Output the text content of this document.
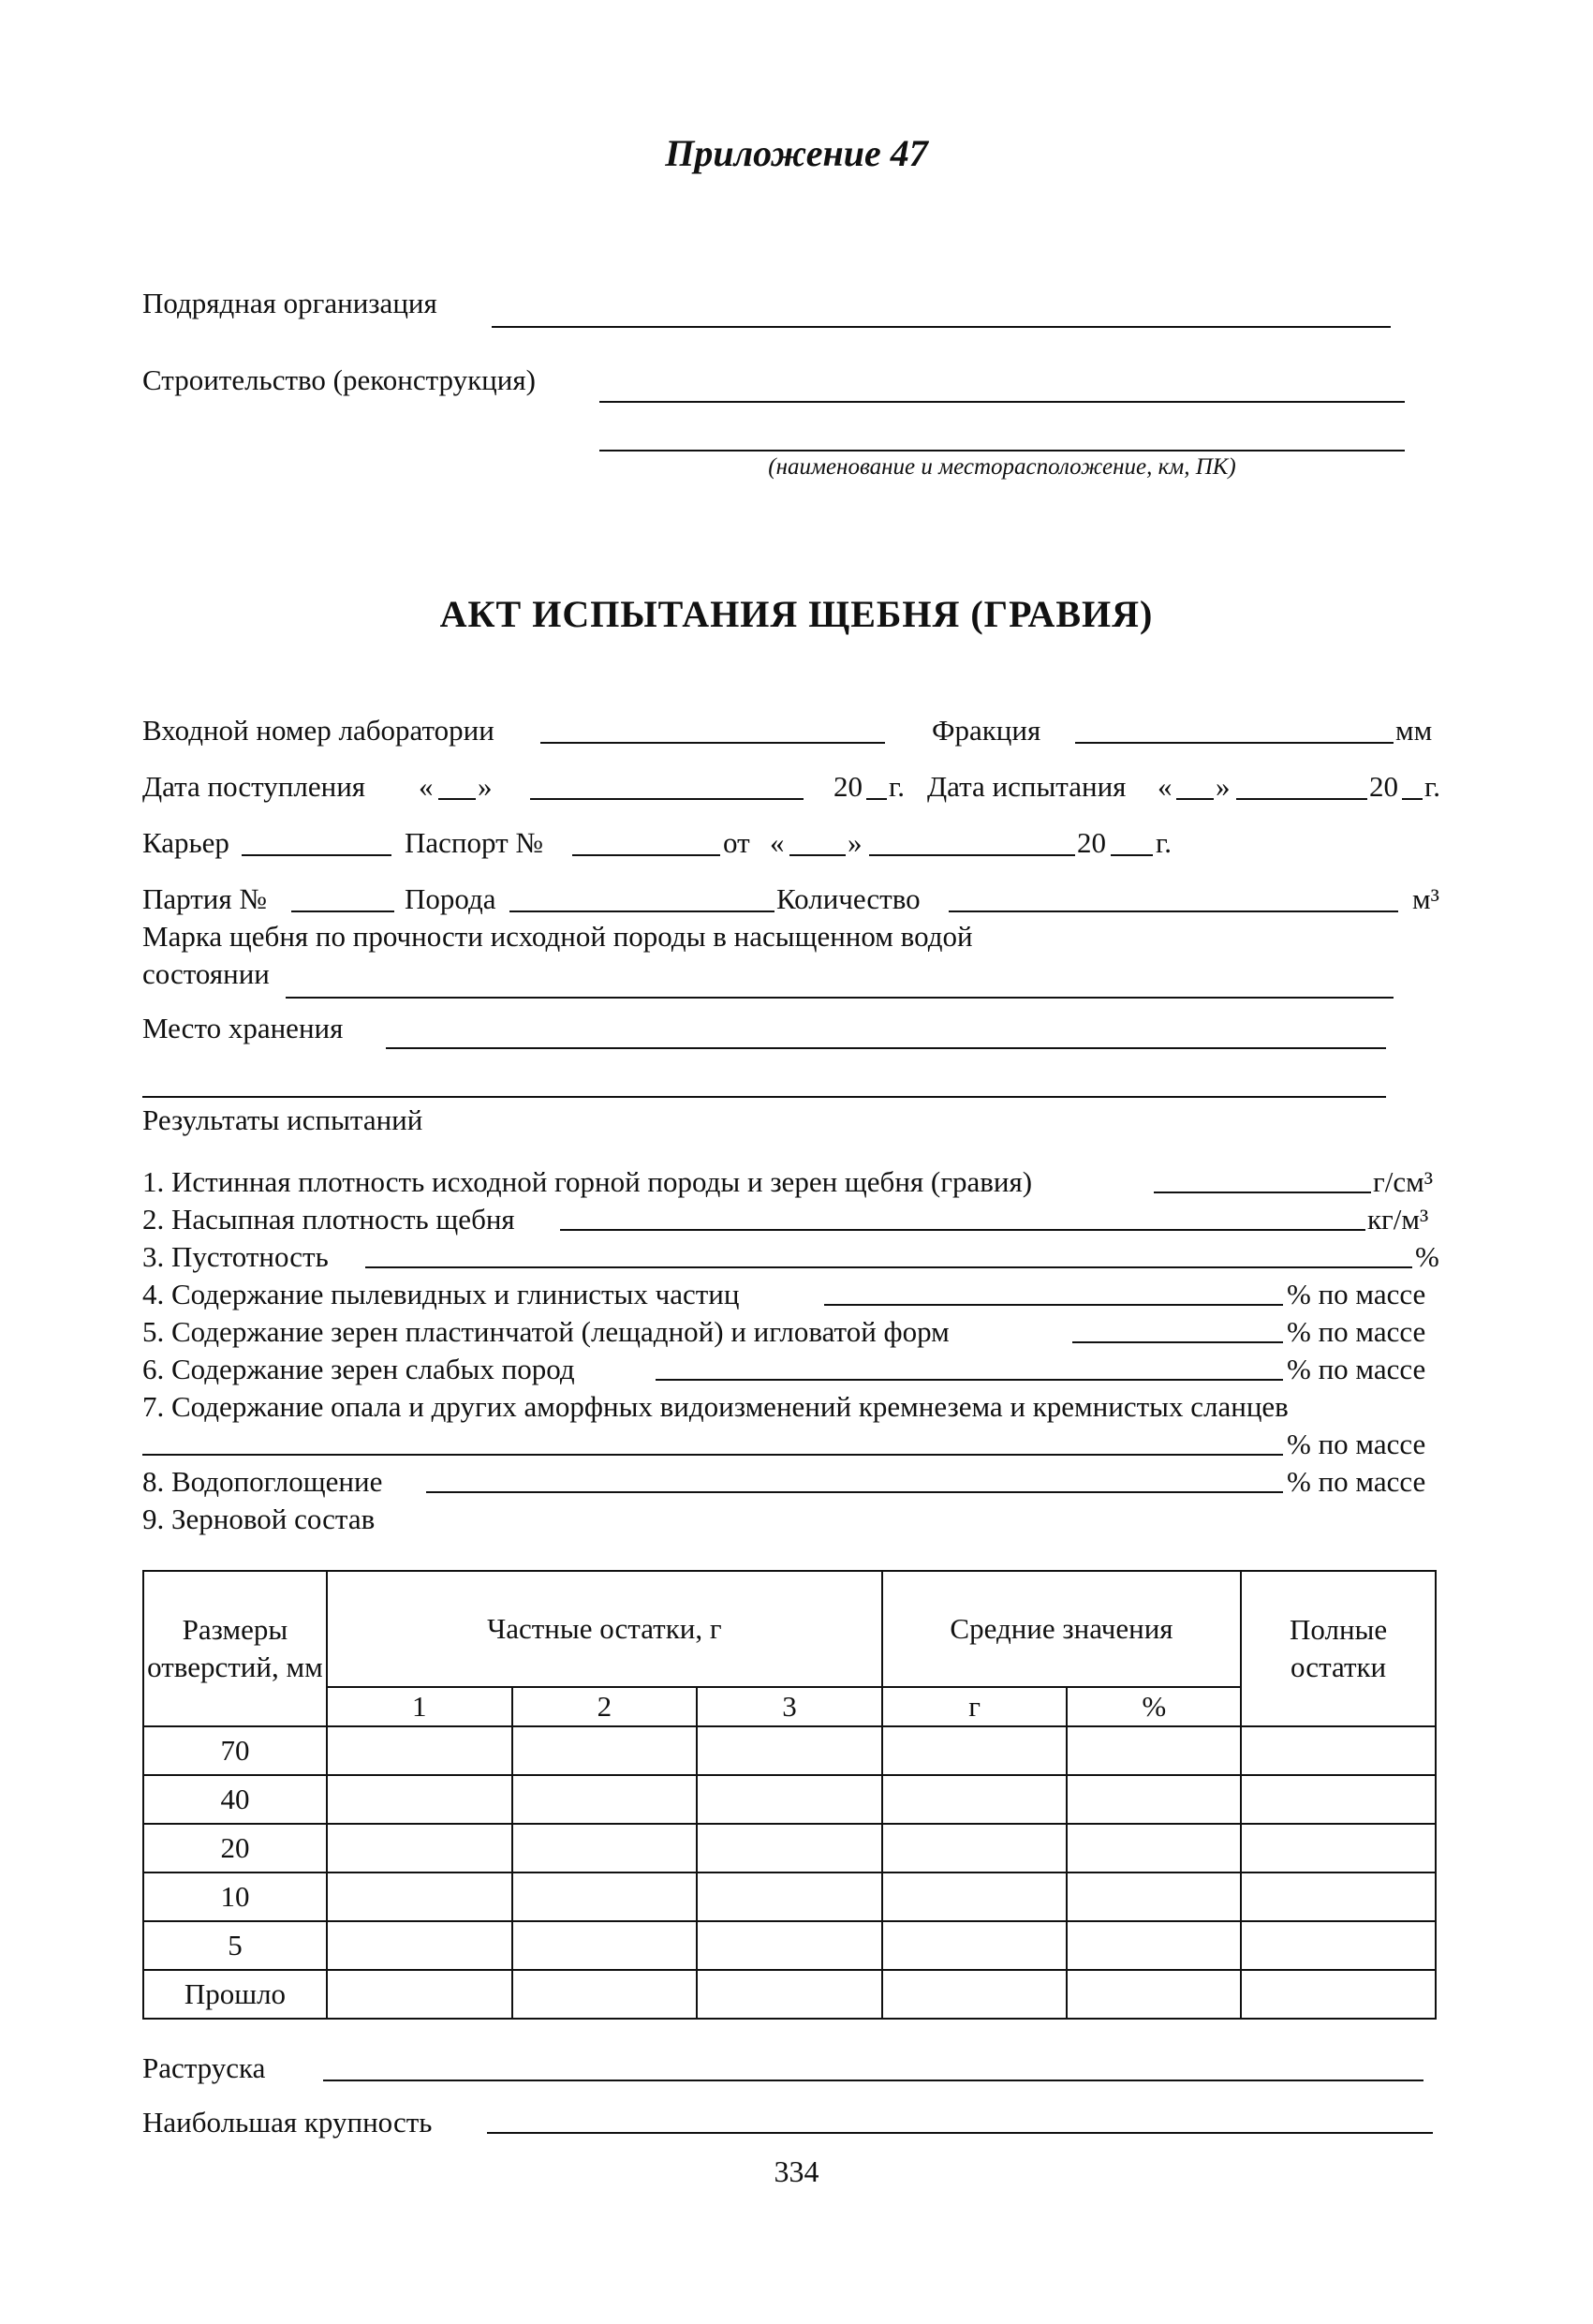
Приложение 47
Подрядная организация
Строительство (реконструкция)
(наименование и месторасположение, км, ПК)
АКТ ИСПЫТАНИЯ ЩЕБНЯ (ГРАВИЯ)
Входной номер лаборатории	Фракция	мм
Дата поступления « »	20 г. Дата испытания « »	20 г.
Карьер	Паспорт №	от « »	20 г.
Партия №	Порода	Количество	м³
Марка щебня по прочности исходной породы в насыщенном водой
состоянии
Место хранения
Результаты испытаний
1. Истинная плотность исходной горной породы и зерен щебня (гравия)	г/см³
2. Насыпная плотность щебня	кг/м³
3. Пустотность	%
4. Содержание пылевидных и глинистых частиц	% по массе
5. Содержание зерен пластинчатой (лещадной) и игловатой форм	% по массе
6. Содержание зерен слабых пород	% по массе
7. Содержание опала и других аморфных видоизменений кремнезема и кремнистых сланцев
% по массе
8. Водопоглощение	% по массе
9. Зерновой состав
Размеры отверстий, мм	Частные остатки, г			Средние значения		Полные остатки
	1	2	3	г	%	
70						
40						
20						
10						
5						
Прошло						
Раструска
Наибольшая крупность
334
